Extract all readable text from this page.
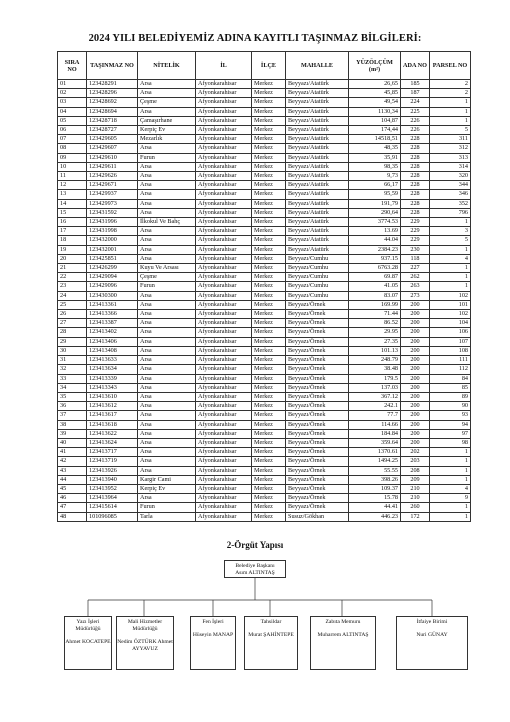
2024 YILI BELEDİYEMİZ ADINA KAYITLI TAŞINMAZ BİLGİLERİ:
SIRA NO	TAŞINMAZ NO	NİTELİK	İL	İLÇE	MAHALLE	YÜZÖLÇÜM (m²)	ADA NO	PARSEL NO
01	123428291	Arsa	Afyonkarahisar	Merkez	Beyyazı/Atatürk	26,65	185	2
02	123428296	Arsa	Afyonkarahisar	Merkez	Beyyazı/Atatürk	45,85	187	2
03	123428692	Çeşme	Afyonkarahisar	Merkez	Beyyazı/Atatürk	49,54	224	1
04	123428694	Arsa	Afyonkarahisar	Merkez	Beyyazı/Atatürk	1130,34	225	1
05	123428718	Çamaşırhane	Afyonkarahisar	Merkez	Beyyazı/Atatürk	104,87	226	1
06	123428727	Kerpiç Ev	Afyonkarahisar	Merkez	Beyyazı/Atatürk	174,44	226	5
07	123429605	Mezarlık	Afyonkarahisar	Merkez	Beyyazı/Atatürk	14518,51	228	311
08	123429607	Arsa	Afyonkarahisar	Merkez	Beyyazı/Atatürk	48,35	228	312
09	123429610	Furun	Afyonkarahisar	Merkez	Beyyazı/Atatürk	35,91	228	313
10	123429611	Arsa	Afyonkarahisar	Merkez	Beyyazı/Atatürk	98,35	228	314
11	123429626	Arsa	Afyonkarahisar	Merkez	Beyyazı/Atatürk	9,73	228	320
12	123429671	Arsa	Afyonkarahisar	Merkez	Beyyazı/Atatürk	66,17	228	344
13	123429937	Arsa	Afyonkarahisar	Merkez	Beyyazı/Atatürk	95,59	228	346
14	123429973	Arsa	Afyonkarahisar	Merkez	Beyyazı/Atatürk	191,79	228	352
15	123431592	Arsa	Afyonkarahisar	Merkez	Beyyazı/Atatürk	290,64	228	796
16	123431996	İlkokul Ve Bahç	Afyonkarahisar	Merkez	Beyyazı/Atatürk	3774.53	229	1
17	123431998	Arsa	Afyonkarahisar	Merkez	Beyyazı/Atatürk	13.69	229	3
18	123432000	Arsa	Afyonkarahisar	Merkez	Beyyazı/Atatürk	44.04	229	5
19	123432001	Arsa	Afyonkarahisar	Merkez	Beyyazı/Atatürk	2384.23	230	1
20	123425851	Arsa	Afyonkarahisar	Merkez	Beyyazı/Cumhu	937.15	118	4
21	123426299	Kuyu Ve Arsası	Afyonkarahisar	Merkez	Beyyazı/Cumhu	6763.28	227	1
22	123429094	Çeşme	Afyonkarahisar	Merkez	Beyyazı/Cumhu	69.87	262	1
23	123429096	Furun	Afyonkarahisar	Merkez	Beyyazı/Cumhu	41.05	263	1
24	123430300	Arsa	Afyonkarahisar	Merkez	Beyyazı/Cumhu	83.07	273	102
25	123413361	Arsa	Afyonkarahisar	Merkez	Beyyazı/Örnek	169.99	200	101
26	123413366	Arsa	Afyonkarahisar	Merkez	Beyyazı/Örnek	71.44	200	102
27	123413387	Arsa	Afyonkarahisar	Merkez	Beyyazı/Örnek	86.52	200	104
28	123413402	Arsa	Afyonkarahisar	Merkez	Beyyazı/Örnek	29.95	200	106
29	123413406	Arsa	Afyonkarahisar	Merkez	Beyyazı/Örnek	27.35	200	107
30	123413408	Arsa	Afyonkarahisar	Merkez	Beyyazı/Örnek	101.13	200	108
31	123413633	Arsa	Afyonkarahisar	Merkez	Beyyazı/Örnek	248.79	200	111
32	123413634	Arsa	Afyonkarahisar	Merkez	Beyyazı/Örnek	38.48	200	112
33	123413339	Arsa	Afyonkarahisar	Merkez	Beyyazı/Örnek	179.5	200	84
34	123413343	Arsa	Afyonkarahisar	Merkez	Beyyazı/Örnek	137.03	200	85
35	123413610	Arsa	Afyonkarahisar	Merkez	Beyyazı/Örnek	367.12	200	89
36	123413612	Arsa	Afyonkarahisar	Merkez	Beyyazı/Örnek	242.1	200	90
37	123413617	Arsa	Afyonkarahisar	Merkez	Beyyazı/Örnek	77.7	200	93
38	123413618	Arsa	Afyonkarahisar	Merkez	Beyyazı/Örnek	114.66	200	94
39	123413622	Arsa	Afyonkarahisar	Merkez	Beyyazı/Örnek	184.84	200	97
40	123413624	Arsa	Afyonkarahisar	Merkez	Beyyazı/Örnek	359.64	200	98
41	123413717	Arsa	Afyonkarahisar	Merkez	Beyyazı/Örnek	1370.61	202	1
42	123413719	Arsa	Afyonkarahisar	Merkez	Beyyazı/Örnek	1494.25	203	1
43	123413926	Arsa	Afyonkarahisar	Merkez	Beyyazı/Örnek	55.55	208	1
44	123413940	Kargir Cami	Afyonkarahisar	Merkez	Beyyazı/Örnek	398.26	209	1
45	123413952	Kerpiç Ev	Afyonkarahisar	Merkez	Beyyazı/Örnek	109.37	210	4
46	123413964	Arsa	Afyonkarahisar	Merkez	Beyyazı/Örnek	15.78	210	9
47	123415614	Furun	Afyonkarahisar	Merkez	Beyyazı/Örnek	44.41	260	1
48	101096085	Tarla	Afyonkarahisar	Merkez	Susuz/Gökhan	446.23	172	1
2-Örgüt Yapısı
Belediye Başkanı
Asım ALTINTAŞ
Yazı İşleri Müdürlüğü
Ahmet KOCATEPE
Mali Hizmetler Müdürlüğü
Nedim ÖZTÜRK Ahmet AYYAVUZ
Fen İşleri
Hüseyin MANAP
Tahsildar
Murat ŞAHİNTEPE
Zabıta Memuru
Muharrem ALTINTAŞ
İtfaiye Birimi
Nuri GÜNAY
